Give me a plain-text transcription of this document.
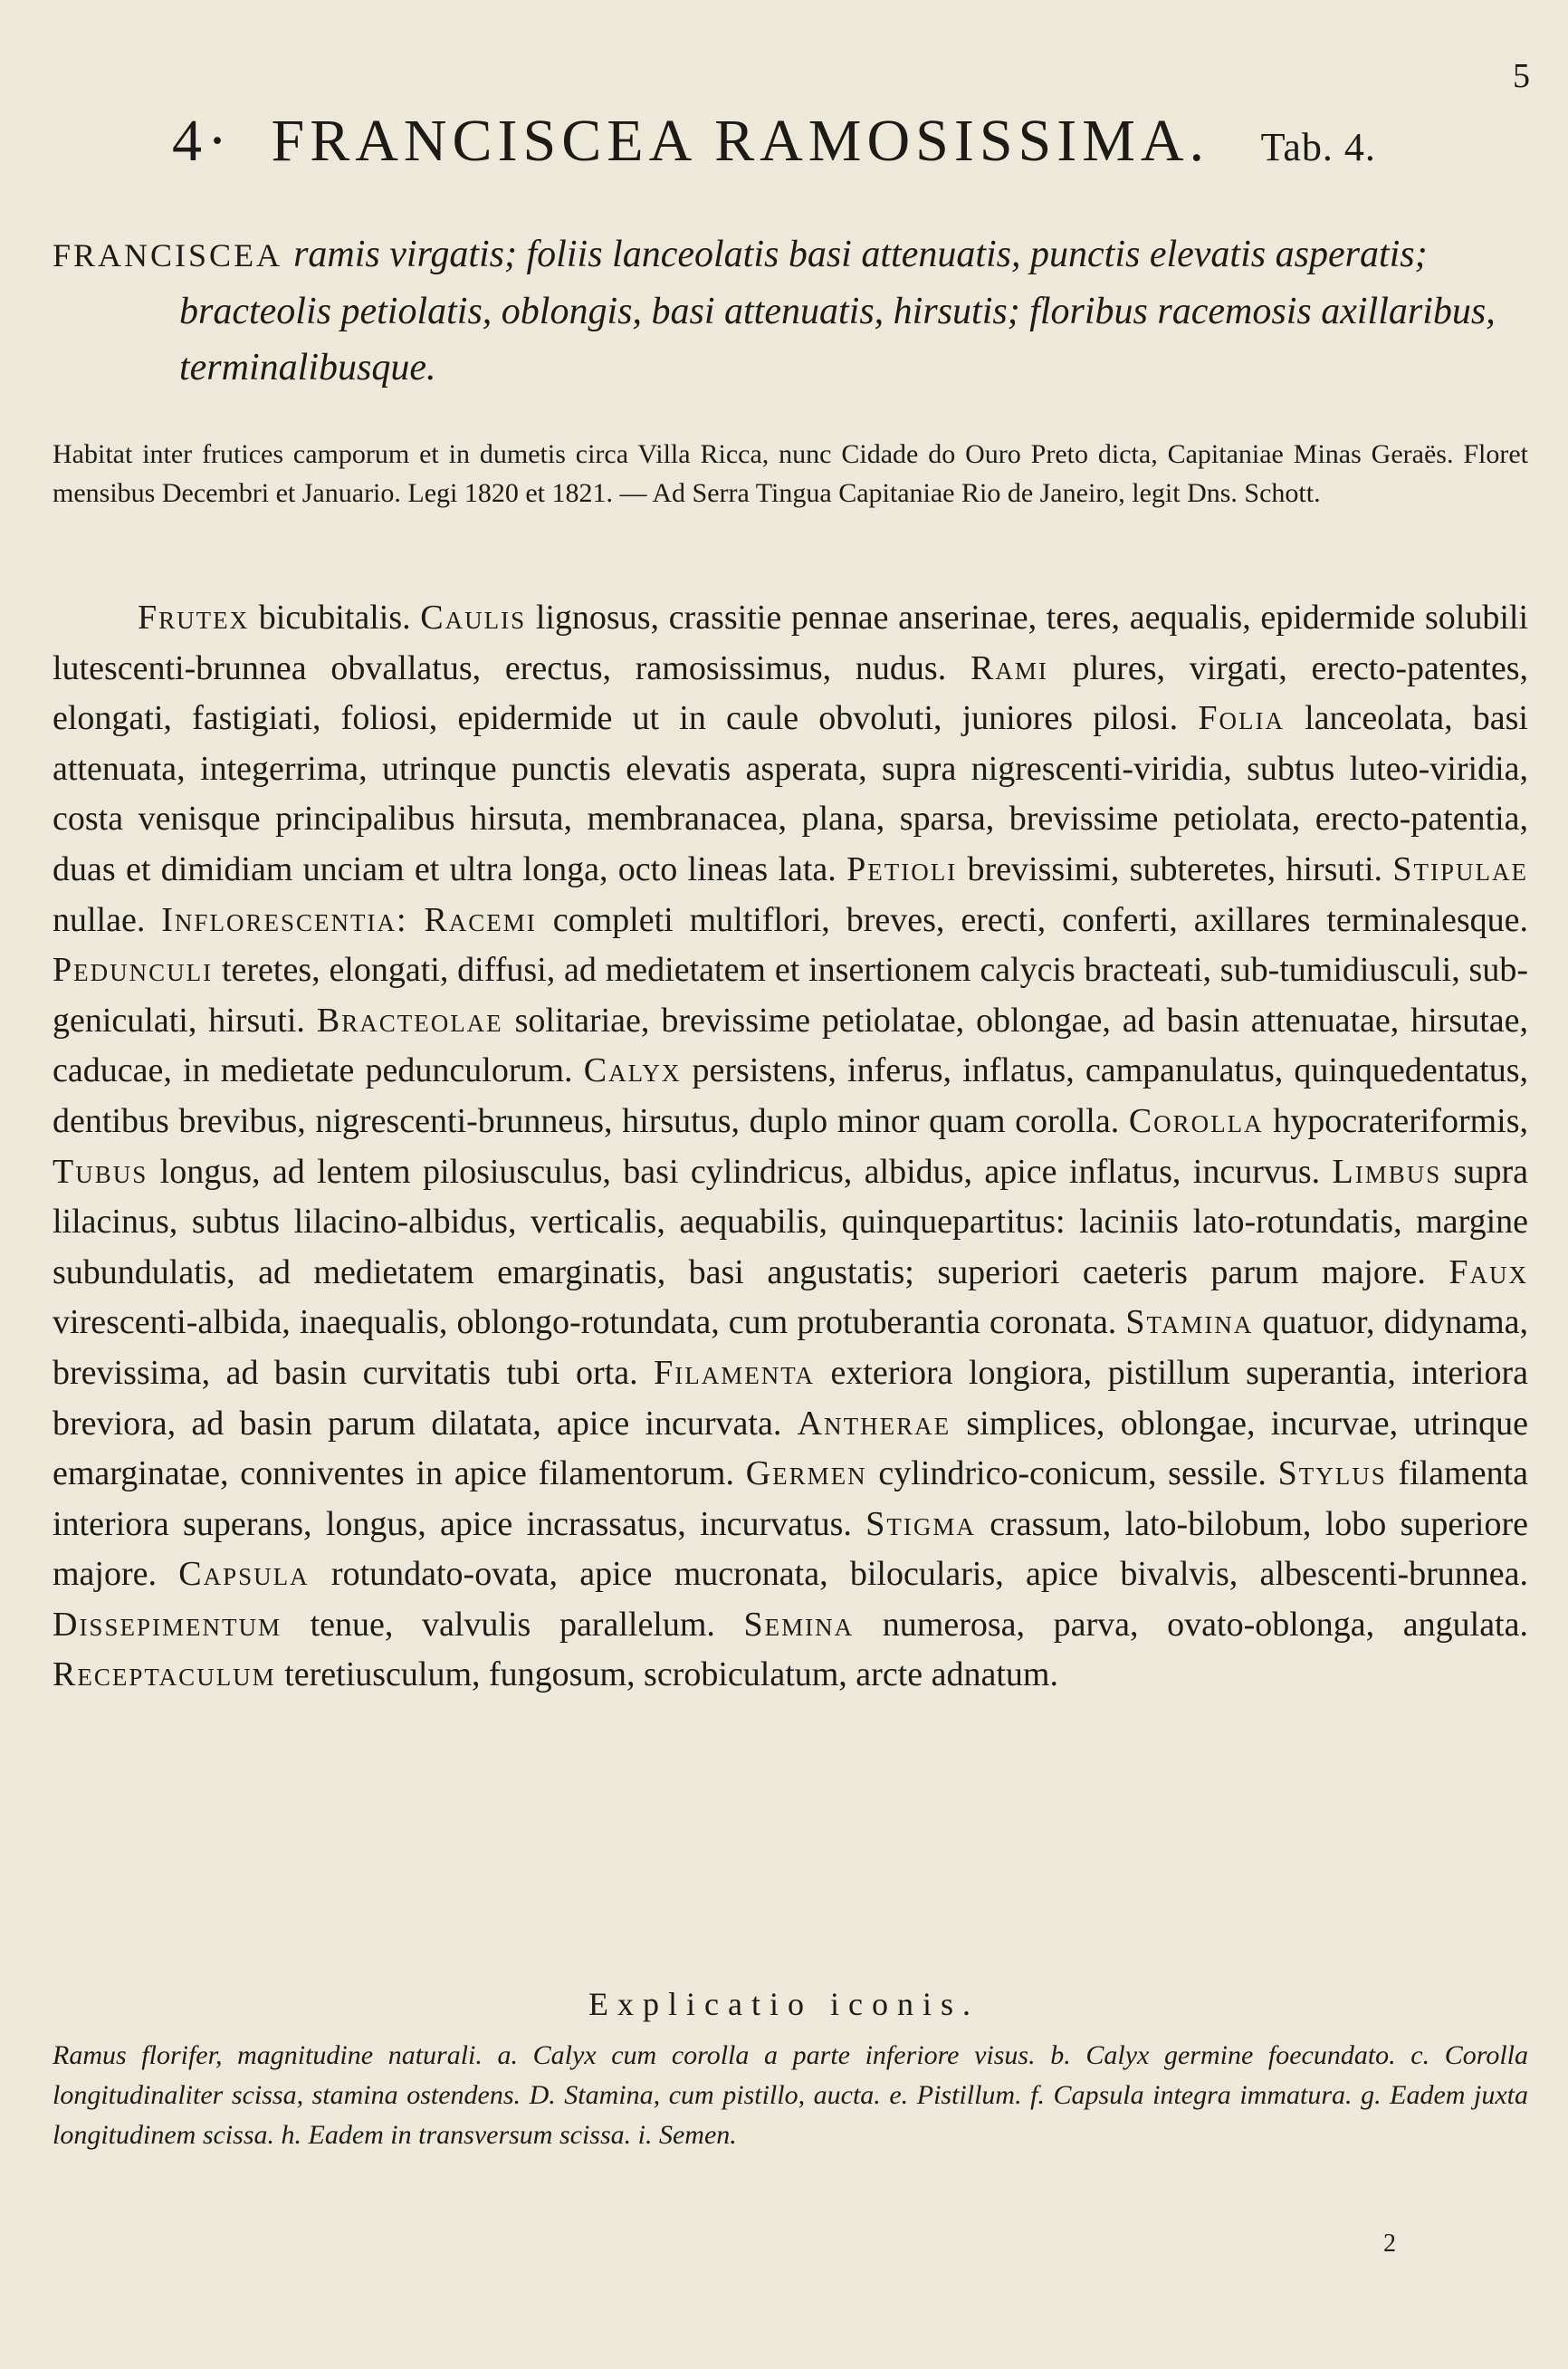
5
4· FRANCISCEA RAMOSISSIMA. Tab. 4.
FRANCISCEA ramis virgatis; foliis lanceolatis basi attenuatis, punctis elevatis asperatis; bracteolis petiolatis, oblongis, basi attenuatis, hirsutis; floribus racemosis axillaribus, terminalibusque.

Habitat inter frutices camporum et in dumetis circa Villa Ricca, nunc Cidade do Ouro Preto dicta, Capitaniae Minas Geraës. Floret mensibus Decembri et Januario. Legi 1820 et 1821. — Ad Serra Tingua Capitaniae Rio de Janeiro, legit Dns. Schott.

Frutex bicubitalis. Caulis lignosus, crassitie pennae anserinae, teres, aequalis, epidermide solubili lutescenti-brunnea obvallatus, erectus, ramosissimus, nudus. Rami plures, virgati, erecto-patentes, elongati, fastigiati, foliosi, epidermide ut in caule obvoluti, juniores pilosi. Folia lanceolata, basi attenuata, integerrima, utrinque punctis elevatis asperata, supra nigrescenti-viridia, subtus luteo-viridia, costa venisque principalibus hirsuta, membranacea, plana, sparsa, brevissime petiolata, erecto-patentia, duas et dimidiam unciam et ultra longa, octo lineas lata. Petioli brevissimi, subteretes, hirsuti. Stipulae nullae. Inflorescentia: Racemi completi multiflori, breves, erecti, conferti, axillares terminalesque. Pedunculi teretes, elongati, diffusi, ad medietatem et insertionem calycis bracteati, sub-tumidiusculi, sub-geniculati, hirsuti. Bracteolae solitariae, brevissime petiolatae, oblongae, ad basin attenuatae, hirsutae, caducae, in medietate pedunculorum. Calyx persistens, inferus, inflatus, campanulatus, quinquedentatus, dentibus brevibus, nigrescenti-brunneus, hirsutus, duplo minor quam corolla. Corolla hypocrateriformis, Tubus longus, ad lentem pilosiusculus, basi cylindricus, albidus, apice inflatus, incurvus. Limbus supra lilacinus, subtus lilacino-albidus, verticalis, aequabilis, quinquepartitus: laciniis lato-rotundatis, margine subundulatis, ad medietatem emarginatis, basi angustatis; superiori caeteris parum majore. Faux virescenti-albida, inaequalis, oblongo-rotundata, cum protuberantia coronata. Stamina quatuor, didynama, brevissima, ad basin curvitatis tubi orta. Filamenta exteriora longiora, pistillum superantia, interiora breviora, ad basin parum dilatata, apice incurvata. Antherae simplices, oblongae, incurvae, utrinque emarginatae, conniventes in apice filamentorum. Germen cylindrico-conicum, sessile. Stylus filamenta interiora superans, longus, apice incrassatus, incurvatus. Stigma crassum, lato-bilobum, lobo superiore majore. Capsula rotundato-ovata, apice mucronata, bilocularis, apice bivalvis, albescenti-brunnea. Dissepimentum tenue, valvulis parallelum. Semina numerosa, parva, ovato-oblonga, angulata. Receptaculum teretiusculum, fungosum, scrobiculatum, arcte adnatum.
Explicatio iconis.

Ramus florifer, magnitudine naturali. a. Calyx cum corolla a parte inferiore visus. b. Calyx germine foecundato. c. Corolla longitudinaliter scissa, stamina ostendens. D. Stamina, cum pistillo, aucta. e. Pistillum. f. Capsula integra immatura. g. Eadem juxta longitudinem scissa. h. Eadem in transversum scissa. i. Semen.

2
